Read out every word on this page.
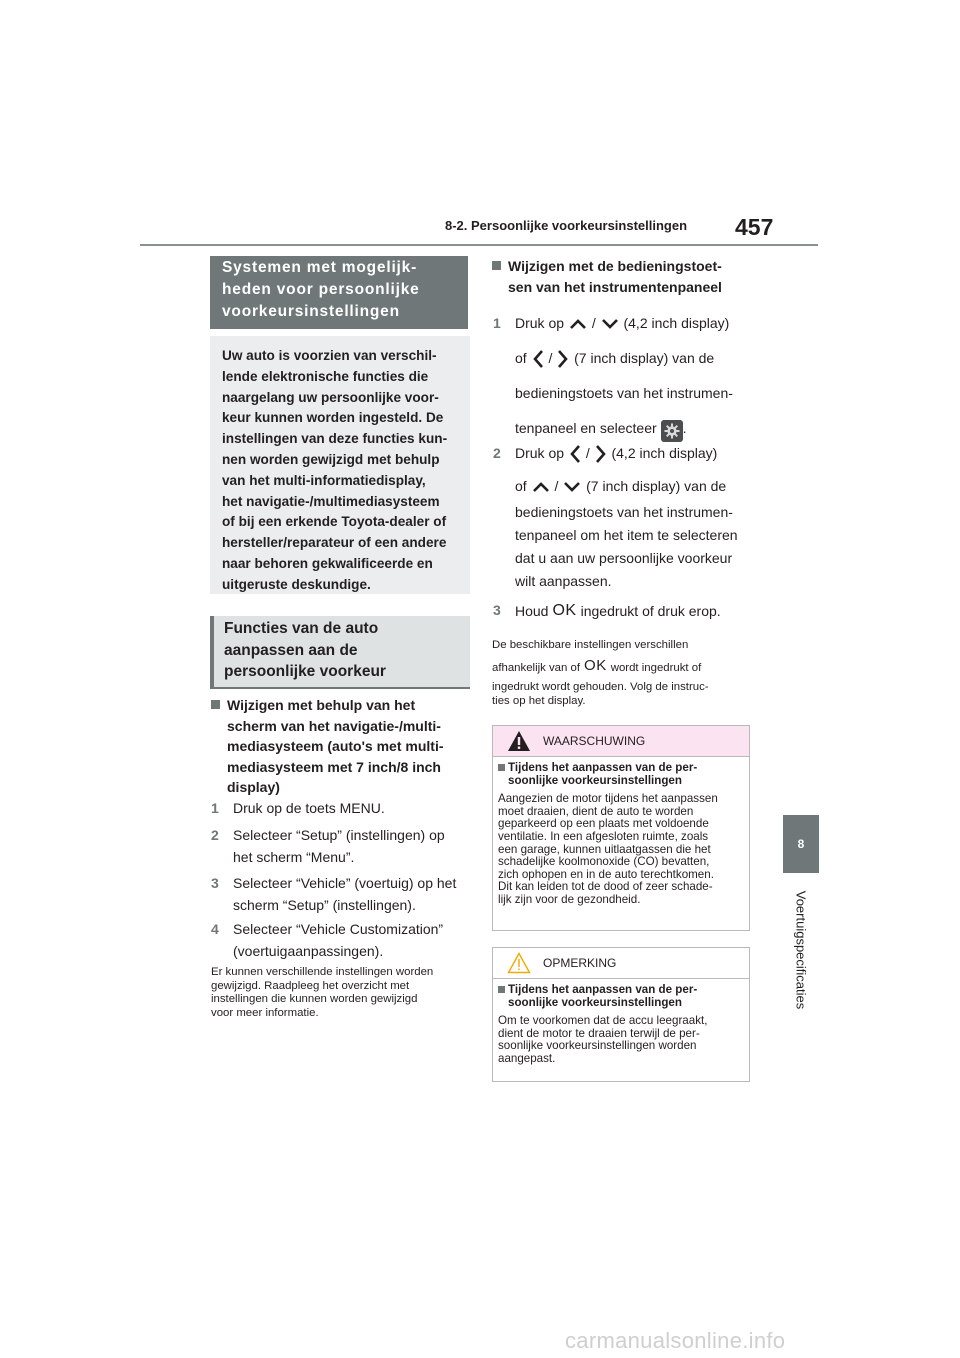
8-2. Persoonlijke voorkeursinstellingen 457
8
Voertuigspecificaties
Systemen met mogelijk-
heden voor persoonlijke
voorkeursinstellingen
Uw auto is voorzien van verschil-
lende elektronische functies die
naargelang uw persoonlijke voor-
keur kunnen worden ingesteld. De
instellingen van deze functies kun-
nen worden gewijzigd met behulp
van het multi-informatiedisplay,
het navigatie-/multimediasysteem
of bij een erkende Toyota-dealer of
hersteller/reparateur of een andere
naar behoren gekwalificeerde en
uitgeruste deskundige.
Functies van de auto
aanpassen aan de
persoonlijke voorkeur
Wijzigen met behulp van het
scherm van het navigatie-/multi-
mediasysteem (auto's met multi-
mediasysteem met 7 inch/8 inch
display)
1 Druk op de toets MENU.
2 Selecteer “Setup” (instellingen) op
het scherm “Menu”.
3 Selecteer “Vehicle” (voertuig) op het
scherm “Setup” (instellingen).
4 Selecteer “Vehicle Customization”
(voertuigaanpassingen).
Er kunnen verschillende instellingen worden
gewijzigd. Raadpleeg het overzicht met
instellingen die kunnen worden gewijzigd
voor meer informatie.
Wijzigen met de bedieningstoet-
sen van het instrumentenpaneel
1 Druk op / (4,2 inch display)
of / (7 inch display) van de
bedieningstoets van het instrumen-
tenpaneel en selecteer .
2 Druk op / (4,2 inch display)
of / (7 inch display) van de
bedieningstoets van het instrumen-
tenpaneel om het item te selecteren
dat u aan uw persoonlijke voorkeur
wilt aanpassen.
3	Houd OK ingedrukt of druk erop.
De beschikbare instellingen verschillen
afhankelijk van of OK wordt ingedrukt of
ingedrukt wordt gehouden. Volg de instruc-
ties op het display.
WAARSCHUWING
Tijdens het aanpassen van de per-
soonlijke voorkeursinstellingen
Aangezien de motor tijdens het aanpassen
moet draaien, dient de auto te worden
geparkeerd op een plaats met voldoende
ventilatie. In een afgesloten ruimte, zoals
een garage, kunnen uitlaatgassen die het
schadelijke koolmonoxide (CO) bevatten,
zich ophopen en in de auto terechtkomen.
Dit kan leiden tot de dood of zeer schade-
lijk zijn voor de gezondheid.
OPMERKING
Tijdens het aanpassen van de per-
soonlijke voorkeursinstellingen
Om te voorkomen dat de accu leegraakt,
dient de motor te draaien terwijl de per-
soonlijke voorkeursinstellingen worden
aangepast.
carmanualsonline.info
